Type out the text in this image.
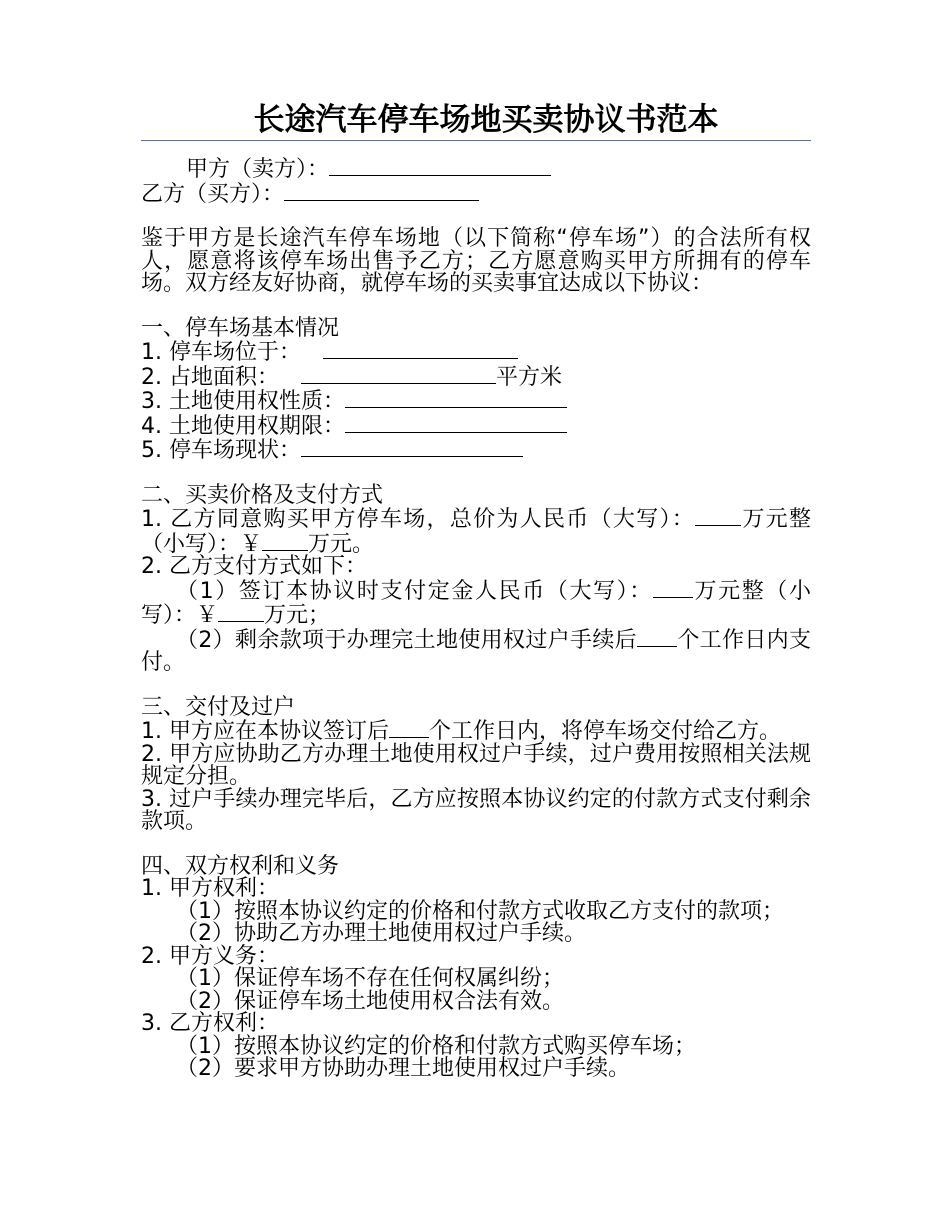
长途汽车停车场地买卖协议书范本

甲方（卖方）：

乙方（买方）：

鉴于甲方是长途汽车停车场地（以下简称“停车场”）的合法所有权人，愿意将该停车场出售予乙方；乙方愿意购买甲方所拥有的停车场。双方经友好协商，就停车场的买卖事宜达成以下协议：

一、停车场基本情况

1. 停车场位于：

2. 占地面积：	平方米

3. 土地使用权性质：

4. 土地使用权期限：

5. 停车场现状：

二、买卖价格及支付方式

1. 乙方同意购买甲方停车场，总价为人民币（大写）： 万元整（小写）：￥ 万元。

2. 乙方支付方式如下：

（1）签订本协议时支付定金人民币（大写）： 万元整（小写）：￥ 万元；

（2）剩余款项于办理完土地使用权过户手续后 个工作日内支付。

三、交付及过户

1. 甲方应在本协议签订后 个工作日内，将停车场交付给乙方。

2. 甲方应协助乙方办理土地使用权过户手续，过户费用按照相关法规规定分担。

3. 过户手续办理完毕后，乙方应按照本协议约定的付款方式支付剩余款项。

四、双方权利和义务

1. 甲方权利：

（1）按照本协议约定的价格和付款方式收取乙方支付的款项；

（2）协助乙方办理土地使用权过户手续。

2. 甲方义务：

（1）保证停车场不存在任何权属纠纷；

（2）保证停车场土地使用权合法有效。

3. 乙方权利：

（1）按照本协议约定的价格和付款方式购买停车场；

（2）要求甲方协助办理土地使用权过户手续。
